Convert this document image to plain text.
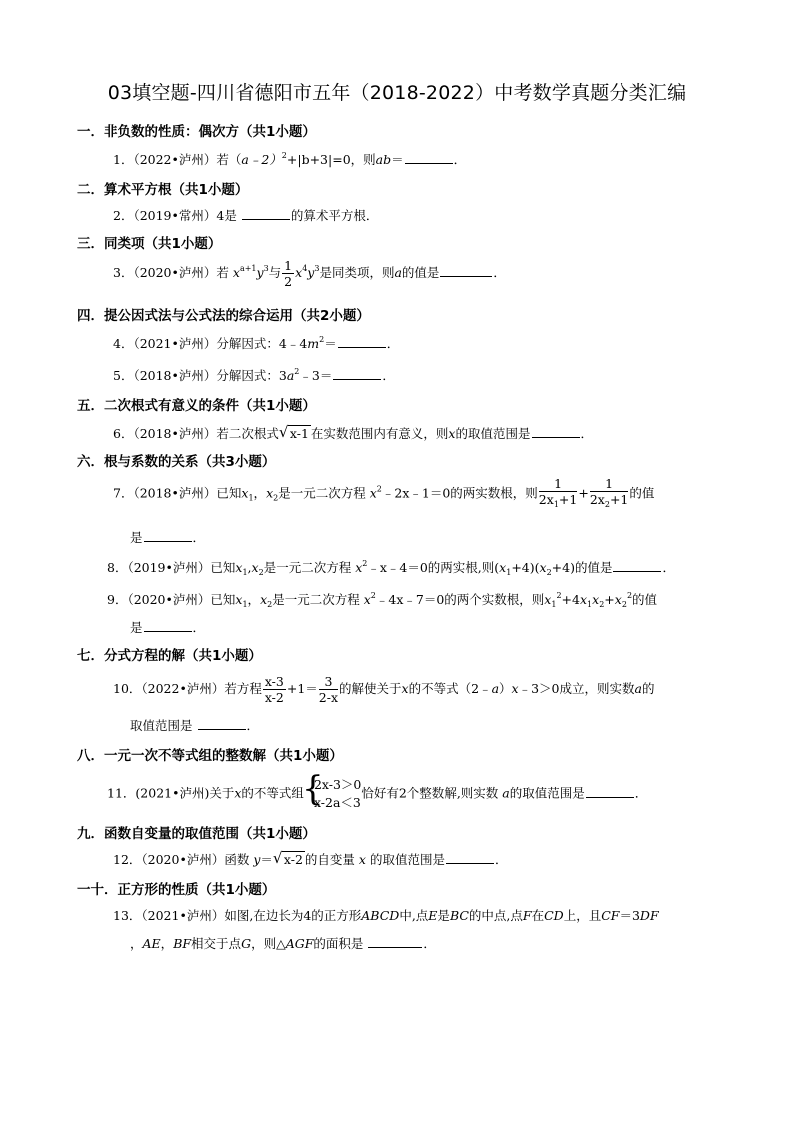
03填空题-四川省德阳市五年（2018-2022）中考数学真题分类汇编
一．非负数的性质：偶次方（共1小题）
1．（2022•泸州）若（a﹣2）$^2$+|b+3|=0，则ab＝	．
二．算术平方根（共1小题）
2．（2019•常州）4是	的算术平方根．
三．同类项（共1小题）
3．（2020•泸州）若 $x^{a+1}y^3$与 $\frac{1}{2} x^4y^3$是同类项，则a的值是	．
四．提公因式法与公式法的综合运用（共2小题）
4．（2021•泸州）分解因式：$4﹣4m^2=$	．
5．（2018•泸州）分解因式：$3a^2﹣3=$	．
五．二次根式有意义的条件（共1小题）
6．（2018•泸州）若二次根式 √ x-1 在实数范围内有意义，则x的取值范围是	．
六．根与系数的关系（共3小题）
7．（2018•泸州）已知$x_1$，$x_2$是一元二次方程 $x^2﹣2x﹣1=0$的两实数根，则 $\frac{1}{2x_1+1} + \frac{1}{2x_2+1}$ 的值
是	．
8．（2019•泸州）已知$x_1,x_2$是一元二次方程 $x^2﹣x﹣4=0$的两实根,则$(x_1+4)(x_2+4)$的值是	．
9．（2020•泸州）已知$x_1$，$x_2$是一元二次方程 $x^2﹣4x﹣7=0$的两个实数根，则$x_1^2+4x_1x_2+x_2^2$的值
是	．
七．分式方程的解（共1小题）
10．（2022•泸州）若方程 $\frac{x-3}{x-2} +1= \frac{3}{2-x}$ 的解使关于x的不等式（2﹣a）x﹣3＞0成立，则实数a的
取值范围是	．
八．一元一次不等式组的整数解（共1小题）
11．(2021•泸州)关于x的不等式组
{
2x-3＞0
x-2a＜3
恰好有2个整数解,则实数 a的取值范围是	．
九．函数自变量的取值范围（共1小题）
12．（2020•泸州）函数 y＝ √ x-2 的自变量 x 的取值范围是	．
一十．正方形的性质（共1小题）
13．（2021•泸州）如图,在边长为4的正方形ABCD中,点E是BC的中点,点F在CD上，且CF＝3DF
，AE，BF相交于点G，则△AGF的面积是	．
